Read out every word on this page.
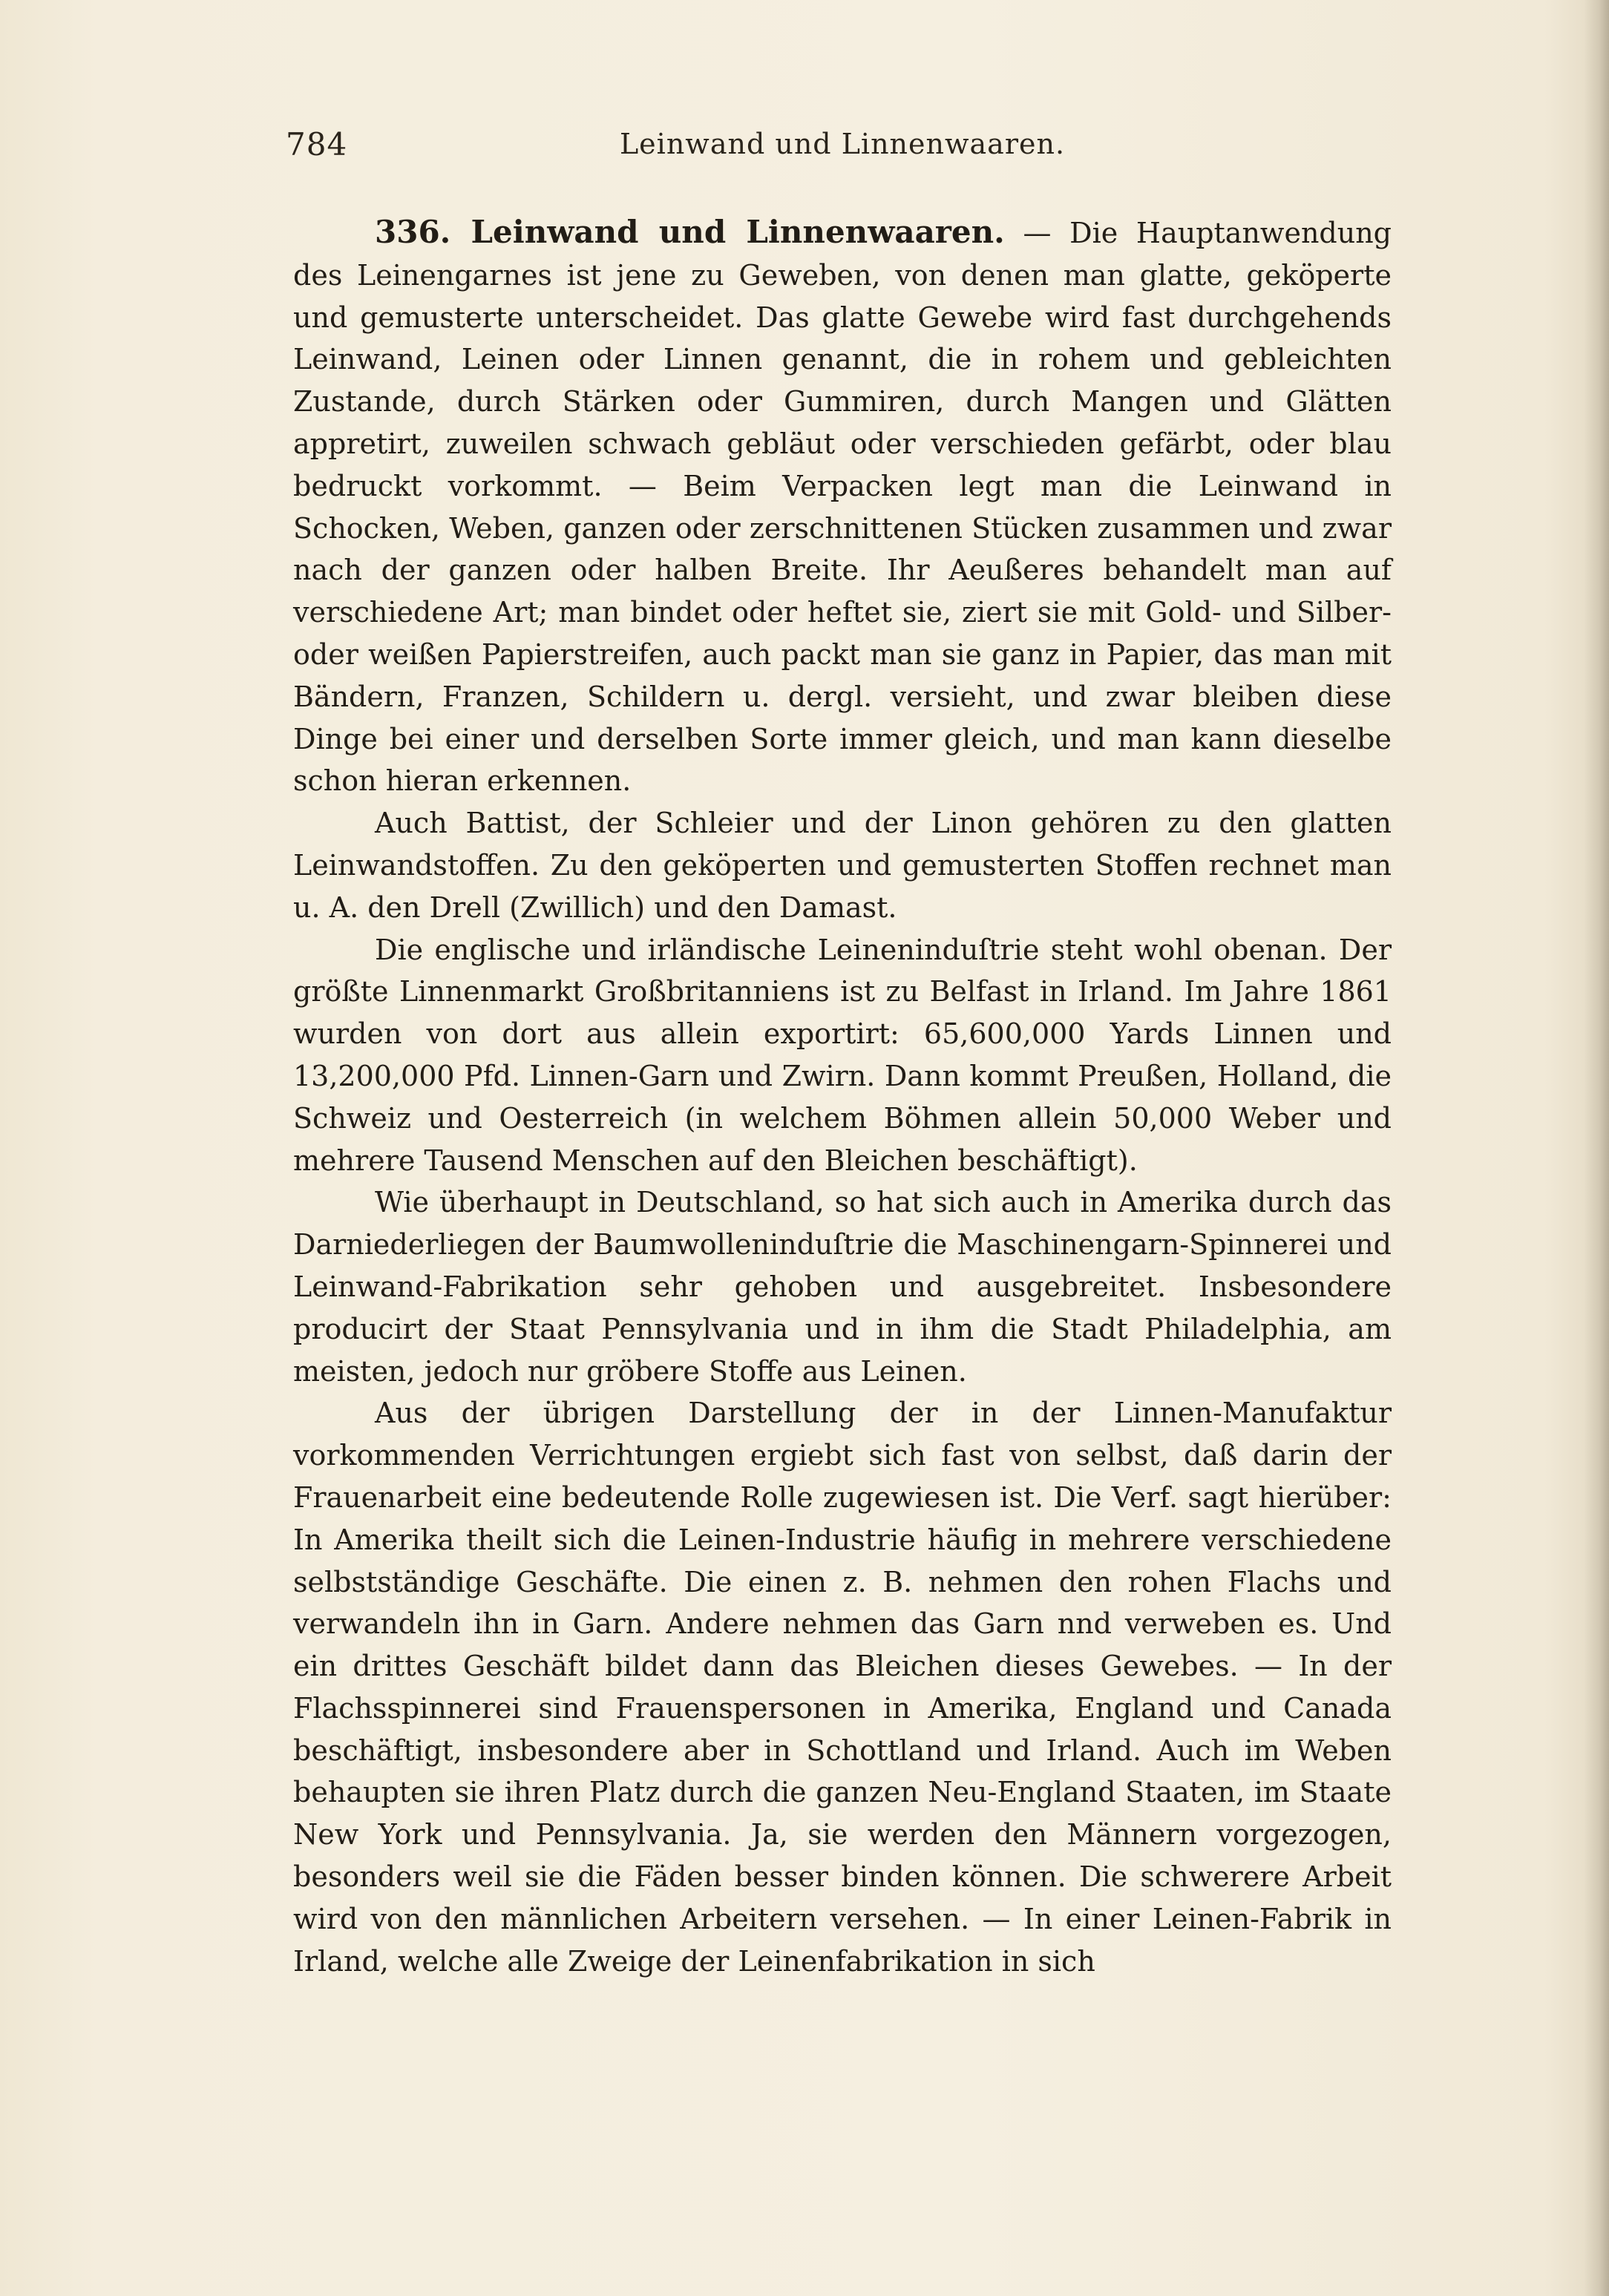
784	Leinwand und Linnenwaaren.

336. Leinwand und Linnenwaaren. — Die Hauptanwendung des Leinengarnes ist jene zu Geweben, von denen man glatte, geköperte und gemusterte unterscheidet. Das glatte Gewebe wird fast durchgehends Leinwand, Leinen oder Linnen genannt, die in rohem und gebleichten Zustande, durch Stärken oder Gummiren, durch Mangen und Glätten appretirt, zuweilen schwach gebläut oder verschieden gefärbt, oder blau bedruckt vorkommt. — Beim Verpacken legt man die Leinwand in Schocken, Weben, ganzen oder zerschnittenen Stücken zusammen und zwar nach der ganzen oder halben Breite. Ihr Aeußeres behandelt man auf verschiedene Art; man bindet oder heftet sie, ziert sie mit Gold- und Silber- oder weißen Papierstreifen, auch packt man sie ganz in Papier, das man mit Bändern, Franzen, Schildern u. dergl. versieht, und zwar bleiben diese Dinge bei einer und derselben Sorte immer gleich, und man kann dieselbe schon hieran erkennen.

Auch Battist, der Schleier und der Linon gehören zu den glatten Leinwandstoffen. Zu den geköperten und gemusterten Stoffen rechnet man u. A. den Drell (Zwillich) und den Damast.

Die englische und irländische Leineninduſtrie steht wohl obenan. Der größte Linnenmarkt Großbritanniens ist zu Belfast in Irland. Im Jahre 1861 wurden von dort aus allein exportirt: 65,600,000 Yards Linnen und 13,200,000 Pfd. Linnen-Garn und Zwirn. Dann kommt Preußen, Holland, die Schweiz und Oesterreich (in welchem Böhmen allein 50,000 Weber und mehrere Tausend Menschen auf den Bleichen beschäftigt).

Wie überhaupt in Deutschland, so hat sich auch in Amerika durch das Darniederliegen der Baumwolleninduſtrie die Maschinengarn-Spinnerei und Leinwand-Fabrikation sehr gehoben und ausgebreitet. Insbesondere producirt der Staat Pennsylvania und in ihm die Stadt Philadelphia, am meisten, jedoch nur gröbere Stoffe aus Leinen.

Aus der übrigen Darstellung der in der Linnen-Manufaktur vorkommenden Verrichtungen ergiebt sich fast von selbst, daß darin der Frauenarbeit eine bedeutende Rolle zugewiesen ist. Die Verf. sagt hierüber: In Amerika theilt sich die Leinen-Industrie häufig in mehrere verschiedene selbstständige Geschäfte. Die einen z. B. nehmen den rohen Flachs und verwandeln ihn in Garn. Andere nehmen das Garn nnd verweben es. Und ein drittes Geschäft bildet dann das Bleichen dieses Gewebes. — In der Flachsspinnerei sind Frauenspersonen in Amerika, England und Canada beschäftigt, insbesondere aber in Schottland und Irland. Auch im Weben behaupten sie ihren Platz durch die ganzen Neu-England Staaten, im Staate New York und Pennsylvania. Ja, sie werden den Männern vorgezogen, besonders weil sie die Fäden besser binden können. Die schwerere Arbeit wird von den männlichen Arbeitern versehen. — In einer Leinen-Fabrik in Irland, welche alle Zweige der Leinenfabrikation in sich
